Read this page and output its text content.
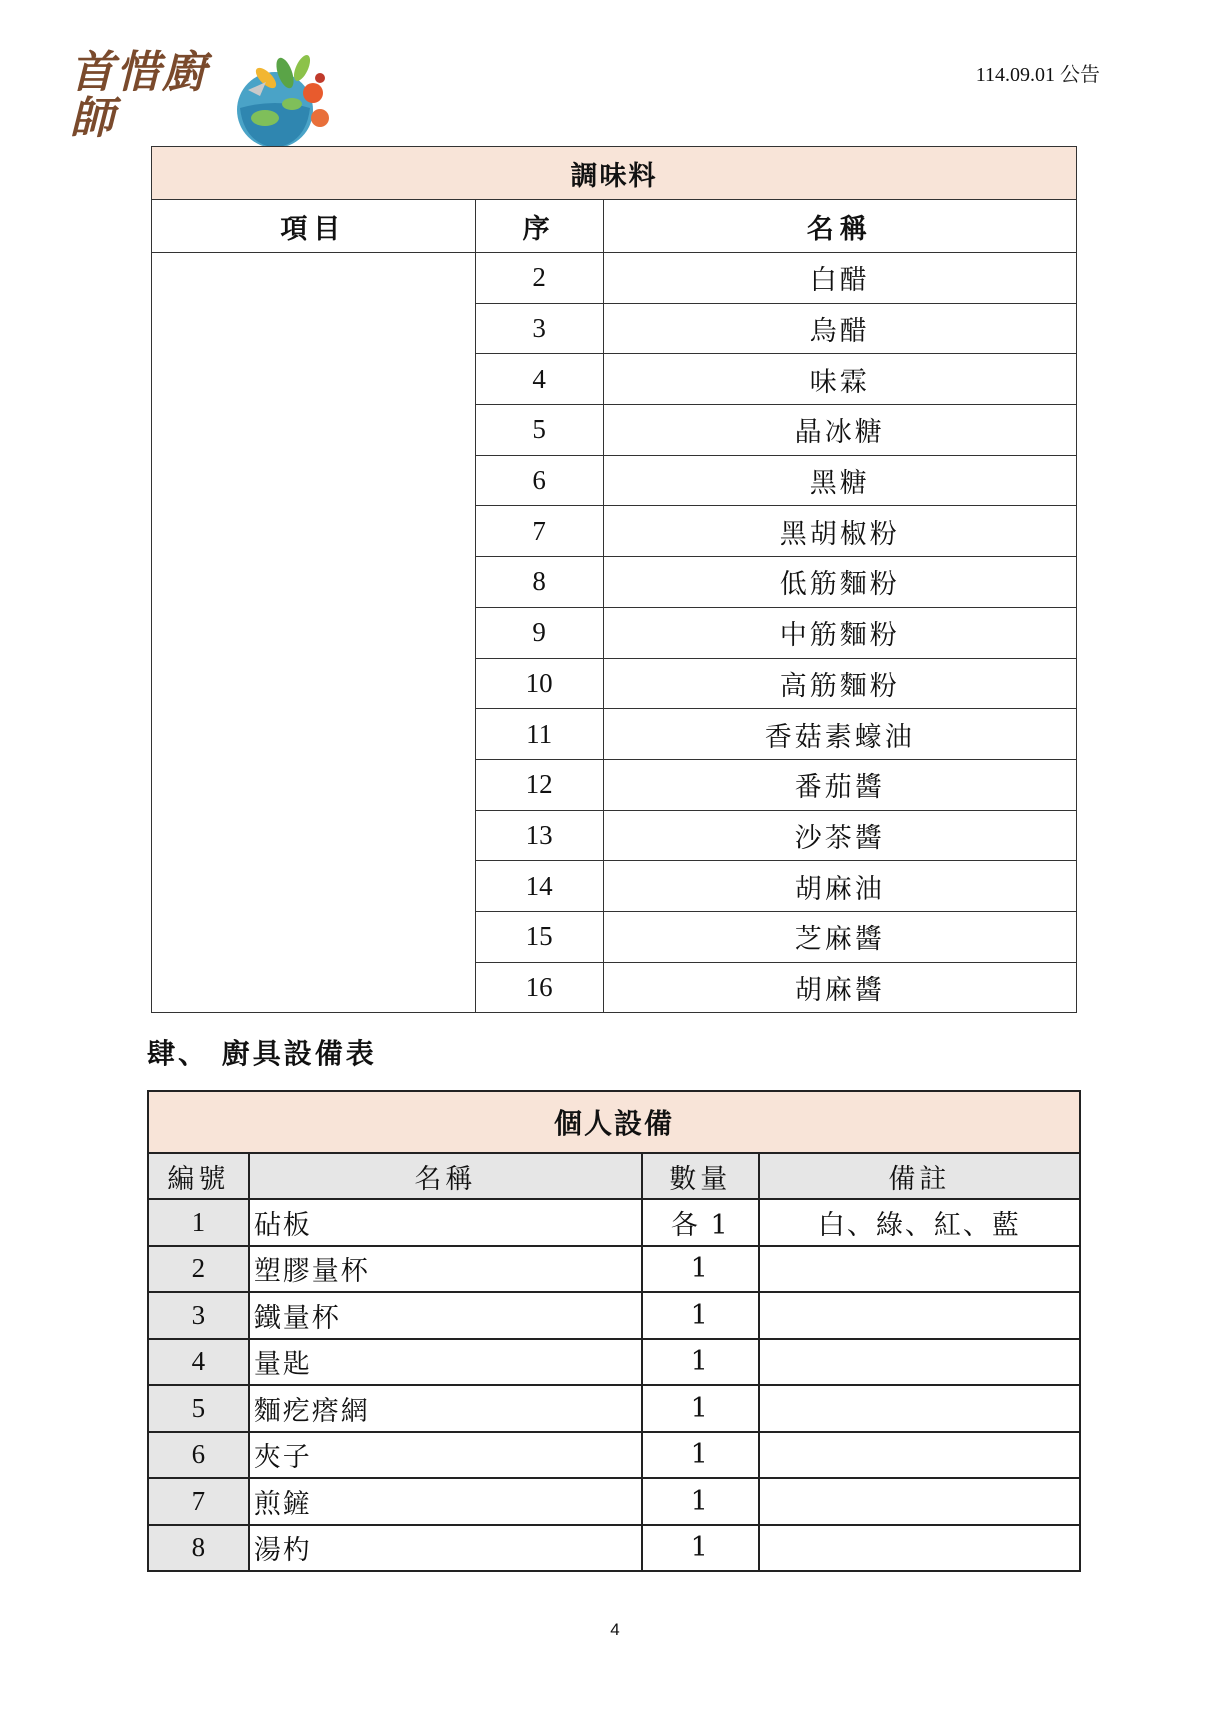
首惜廚師
114.09.01 公告
調味料		
項目	序	名稱
	2	白醋
	3	烏醋
	4	味霖
	5	晶冰糖
	6	黑糖
	7	黑胡椒粉
	8	低筋麵粉
	9	中筋麵粉
	10	高筋麵粉
	11	香菇素蠔油
	12	番茄醬
	13	沙茶醬
	14	胡麻油
	15	芝麻醬
	16	胡麻醬
肆、 廚具設備表
個人設備			
編號	名稱	數量	備註
1	砧板	各 1	白、綠、紅、藍
2	塑膠量杯	1	
3	鐵量杯	1	
4	量匙	1	
5	麵疙瘩網	1	
6	夾子	1	
7	煎鏟	1	
8	湯杓	1	
4
